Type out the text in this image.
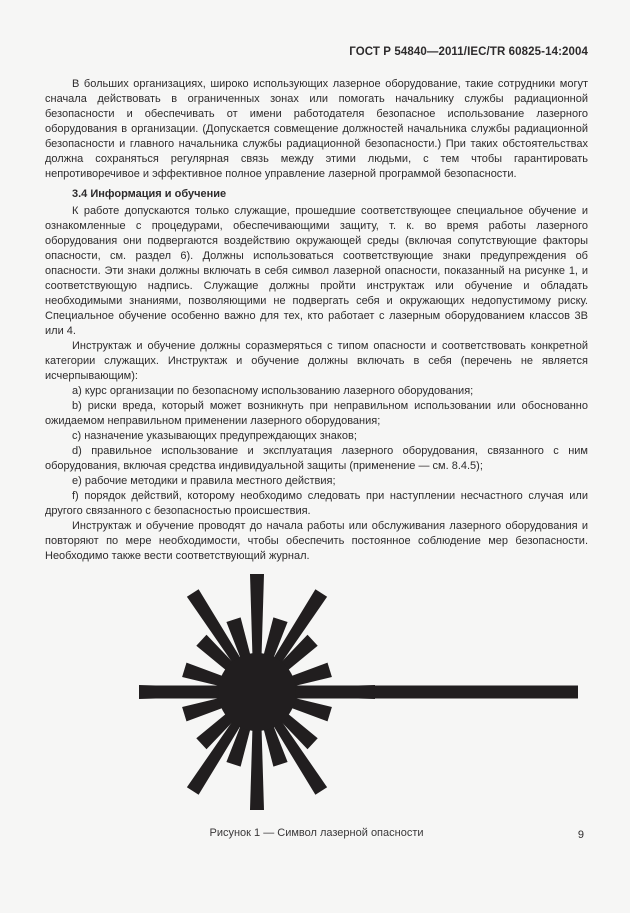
ГОСТ Р 54840—2011/IEC/TR 60825-14:2004

В больших организациях, широко использующих лазерное оборудование, такие сотрудники могут сначала действовать в ограниченных зонах или помогать начальнику службы радиационной безопасности и обеспечивать от имени работодателя безопасное использование лазерного оборудования в организации. (Допускается совмещение должностей начальника службы радиационной безопасности и главного начальника службы радиационной безопасности.) При таких обстоятельствах должна сохраняться регулярная связь между этими людьми, с тем чтобы гарантировать непротиворечивое и эффективное полное управление лазерной программой безопасности.

3.4 Информация и обучение

К работе допускаются только служащие, прошедшие соответствующее специальное обучение и ознакомленные с процедурами, обеспечивающими защиту, т. к. во время работы лазерного оборудования они подвергаются воздействию окружающей среды (включая сопутствующие факторы опасности, см. раздел 6). Должны использоваться соответствующие знаки предупреждения об опасности. Эти знаки должны включать в себя символ лазерной опасности, показанный на рисунке 1, и соответствующую надпись. Служащие должны пройти инструктаж или обучение и обладать необходимыми знаниями, позволяющими не подвергать себя и окружающих недопустимому риску. Специальное обучение особенно важно для тех, кто работает с лазерным оборудованием классов 3В или 4.

Инструктаж и обучение должны соразмеряться с типом опасности и соответствовать конкретной категории служащих. Инструктаж и обучение должны включать в себя (перечень не является исчерпывающим):

a) курс организации по безопасному использованию лазерного оборудования;

b) риски вреда, который может возникнуть при неправильном использовании или обоснованно ожидаемом неправильном применении лазерного оборудования;

c) назначение указывающих предупреждающих знаков;

d) правильное использование и эксплуатация лазерного оборудования, связанного с ним оборудования, включая средства индивидуальной защиты (применение — см. 8.4.5);

e) рабочие методики и правила местного действия;

f) порядок действий, которому необходимо следовать при наступлении несчастного случая или другого связанного с безопасностью происшествия.

Инструктаж и обучение проводят до начала работы или обслуживания лазерного оборудования и повторяют по мере необходимости, чтобы обеспечить постоянное соблюдение мер безопасности. Необходимо также вести соответствующий журнал.

Рисунок 1 — Символ лазерной опасности	9
